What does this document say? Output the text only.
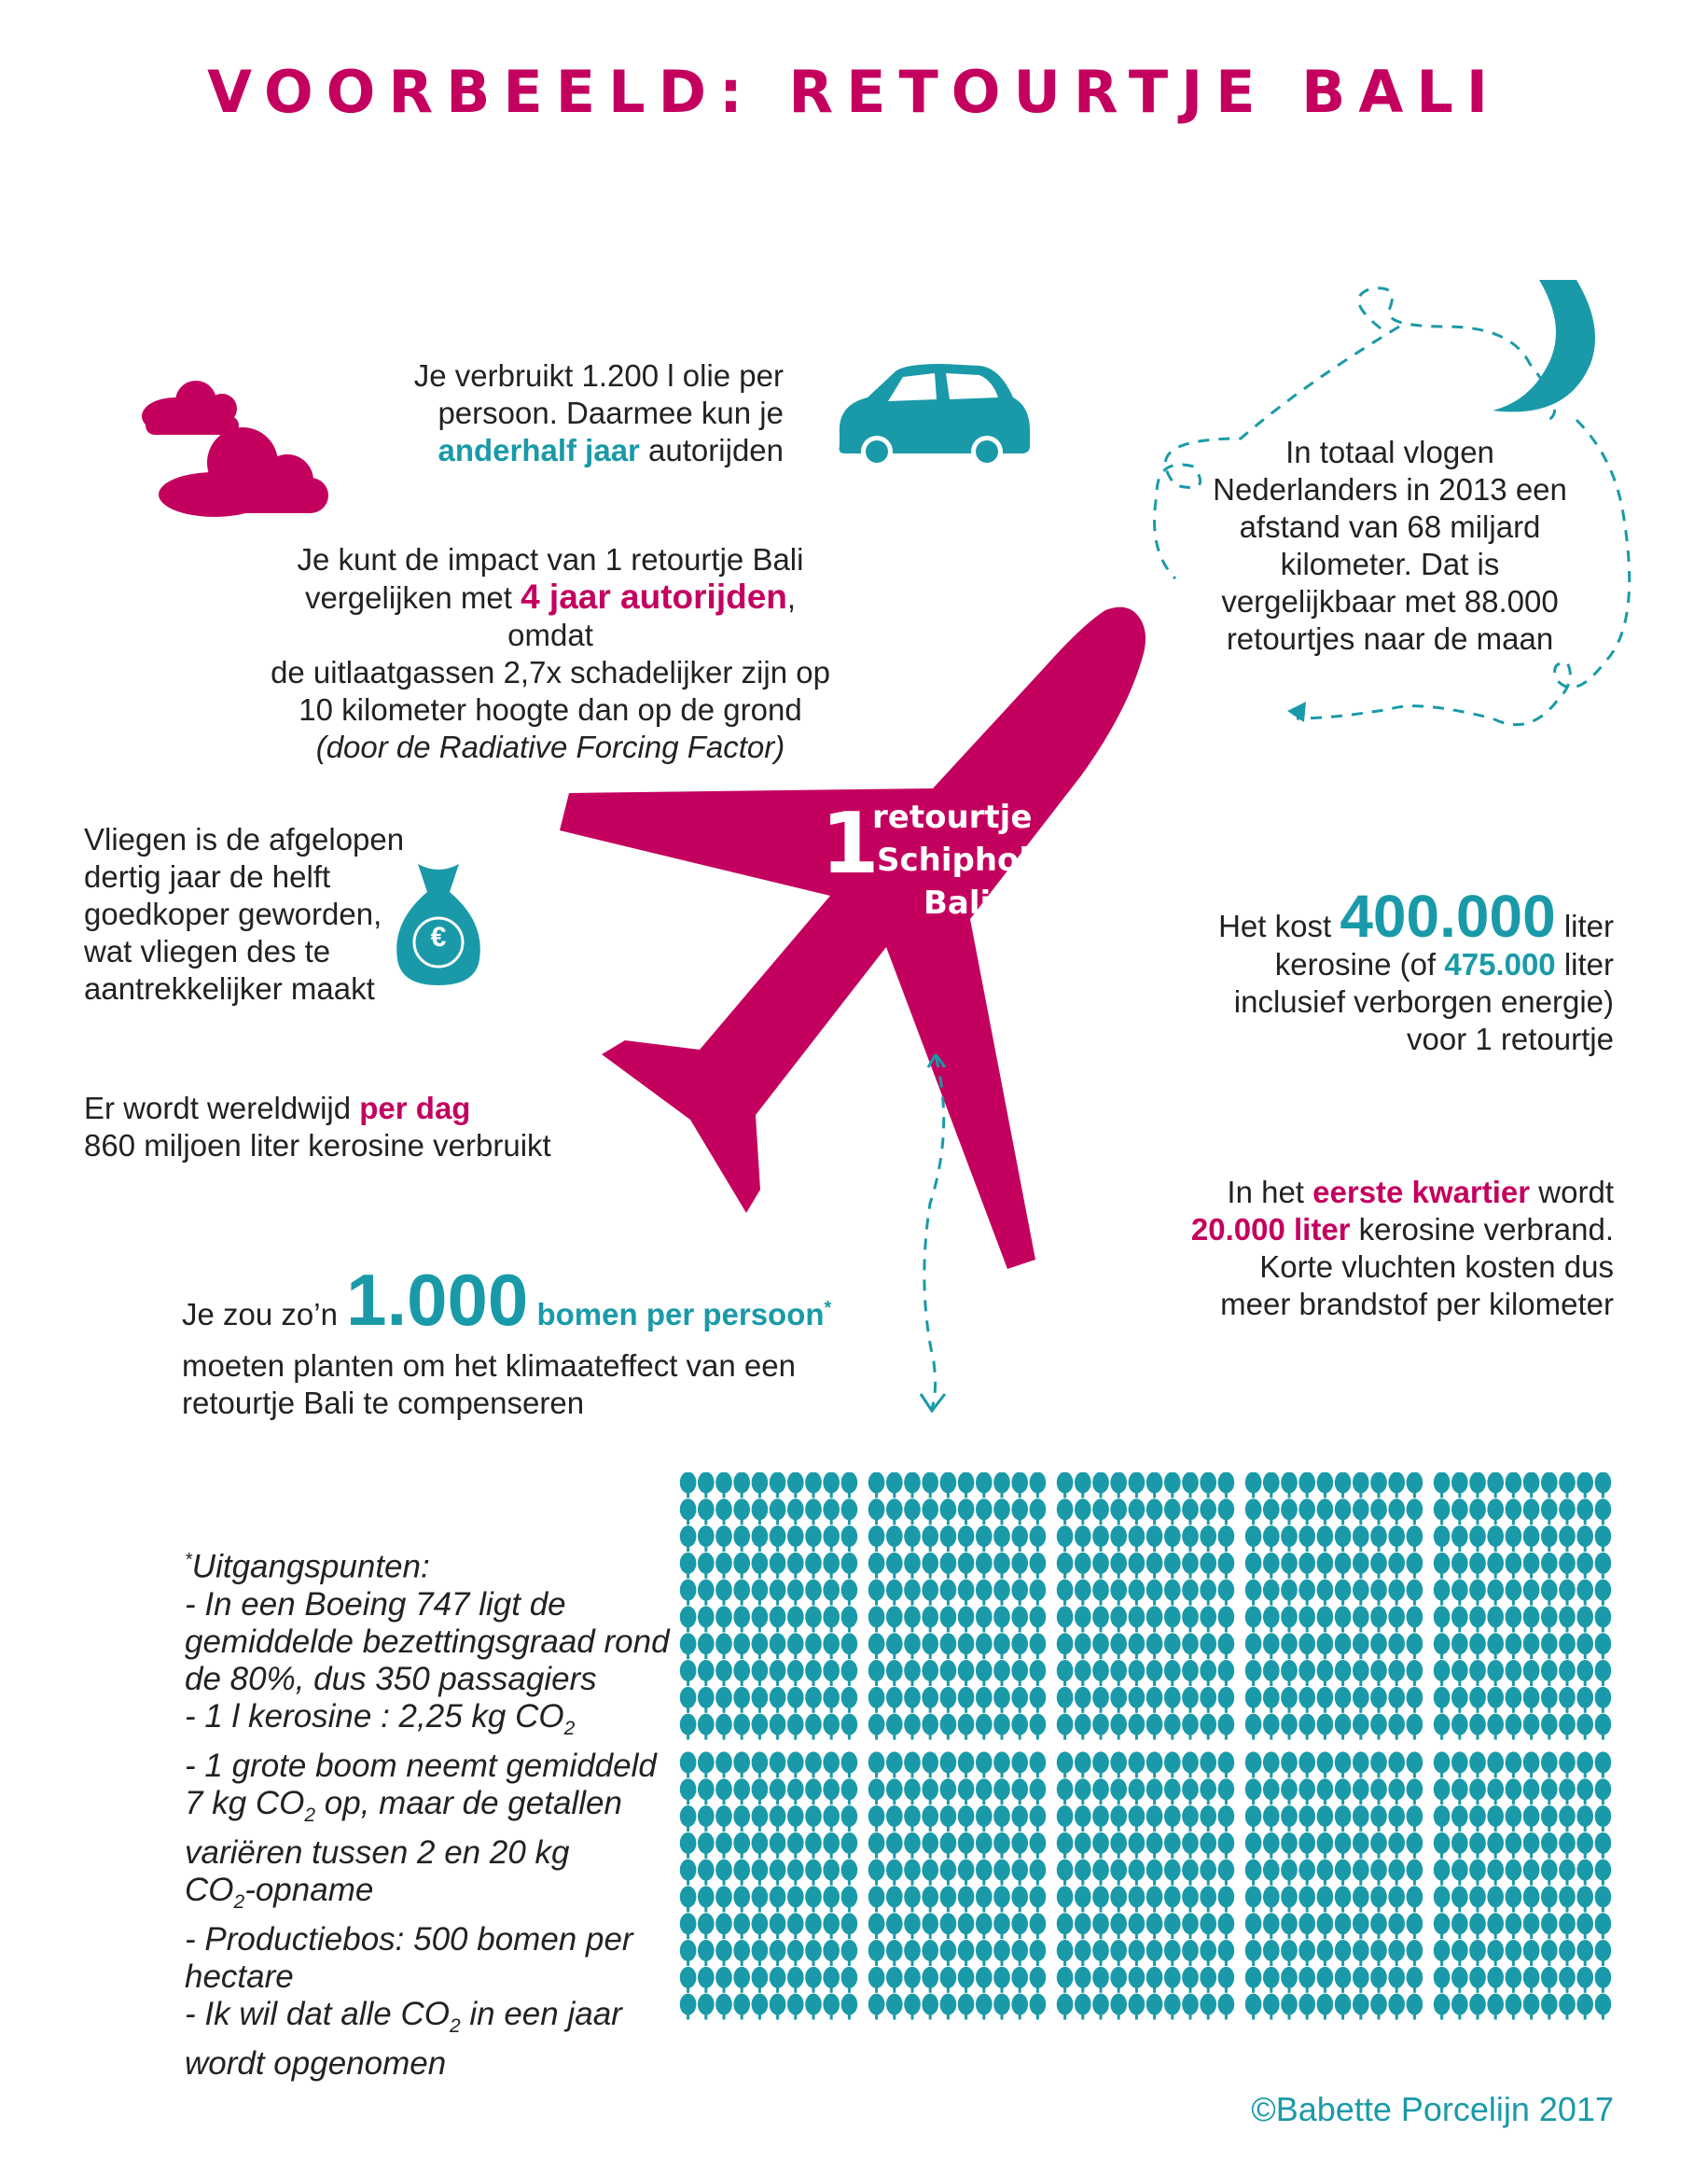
VOORBEELD: RETOURTJE BALI
Je verbruikt 1.200 l olie per
persoon. Daarmee kun je
anderhalf jaar autorijden
Je kunt de impact van 1 retourtje Bali
vergelijken met 4 jaar autorijden, omdat
de uitlaatgassen 2,7x schadelijker zijn op
10 kilometer hoogte dan op de grond
(door de Radiative Forcing Factor)
In totaal vlogen
Nederlanders in 2013 een
afstand van 68 miljard
kilometer. Dat is
vergelijkbaar met 88.000
retourtjes naar de maan
1
retourtje
Schiphol -
Bali
Vliegen is de afgelopen
dertig jaar de helft
goedkoper geworden,
wat vliegen des te
aantrekkelijker maakt
€	Het kost 400.000 liter
kerosine (of 475.000 liter
inclusief verborgen energie)
voor 1 retourtje
Er wordt wereldwijd per dag
860 miljoen liter kerosine verbruikt
In het eerste kwartier wordt
20.000 liter kerosine verbrand.
Korte vluchten kosten dus
meer brandstof per kilometer
Je zou zo’n 1.000 bomen per persoon*
moeten planten om het klimaateffect van een
retourtje Bali te compenseren
*Uitgangspunten:
- In een Boeing 747 ligt de
gemiddelde bezettingsgraad rond
de 80%, dus 350 passagiers
- 1 l kerosine : 2,25 kg $CO_2$
- 1 grote boom neemt gemiddeld
7 kg $CO_2$ op, maar de getallen
variëren tussen 2 en 20 kg
$CO_2$-opname
- Productiebos: 500 bomen per
hectare
- Ik wil dat alle $CO_2$ in een jaar
wordt opgenomen
©Babette Porcelijn 2017
